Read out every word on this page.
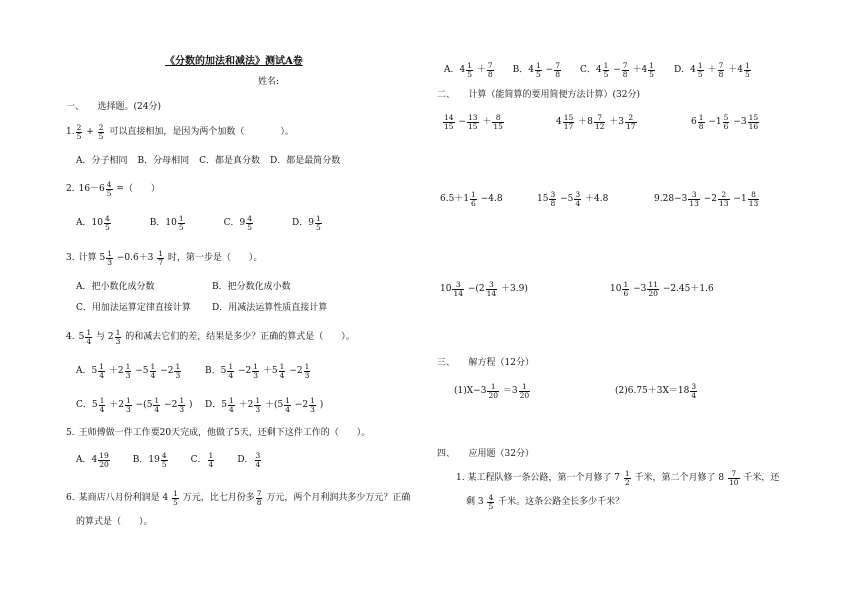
《分数的加法和减法》测试A卷
姓名:
一、　　选择题。(24分)
1. $\frac{2}{5} + \frac{2}{5}$ 可以直接相加，是因为两个加数（　　　　）。
A．分子相同 B．分母相同 C．都是真分数 D．都是最简分数
2. $16-6 \frac{4}{5}$ =（　　）
A．$10 \frac{4}{5}$	B．$10 \frac{1}{5}$	C．$9 \frac{4}{5}$	D．$9 \frac{1}{5}$
3. 计算 $5 \frac{1}{3} -0.6+3 \frac{1}{7}$ 时，第一步是（　　）。
A．把小数化成分数	B．把分数化成小数
C．用加法运算定律直接计算 D．用减法运算性质直接计算
4. $5 \frac{1}{4}$ 与 $2 \frac{1}{3}$ 的和减去它们的差，结果是多少？正确的算式是（　　）。
A．$5 \frac{1}{4} +2 \frac{1}{3} -5 \frac{1}{4} -2 \frac{1}{3}$	B．$5 \frac{1}{4} -2 \frac{1}{3} +5 \frac{1}{4} -2 \frac{1}{3}$
C．$5 \frac{1}{4} +2 \frac{1}{3} -(5 \frac{1}{4} -2 \frac{1}{3}$ ) D．$5 \frac{1}{4} +2 \frac{1}{3} +(5 \frac{1}{4} -2 \frac{1}{3}$ )
5. 王师傅做一件工作要20天完成，他做了5天，还剩下这件工作的（　　）。
A．$4 \frac{19}{20}$	B．$19 \frac{4}{5}$	C． $\frac{1}{4}$	D． $\frac{3}{4}$
6. 某商店八月份利润是 $4 \frac{1}{5}$ 万元，比七月份多 $\frac{7}{8}$ 万元，两个月利润共多少万元？正确
的算式是（　　）。
A．$4 \frac{1}{5} + \frac{7}{8}$ B．$4 \frac{1}{5} - \frac{7}{8}$ C．$4 \frac{1}{5} - \frac{7}{8} +4 \frac{1}{5}$ D．$4 \frac{1}{5} + \frac{7}{8} +4 \frac{1}{5}$
二、　　计算（能简算的要用简便方法计算）(32分)
$\frac{14}{15} - \frac{13}{15} + \frac{8}{15}$	$4 \frac{15}{17} +8 \frac{7}{12} +3 \frac{2}{17}$	$6 \frac{1}{8} -1 \frac{5}{6} -3 \frac{15}{16}$
$6.5+1 \frac{1}{6} -4.8$	$15 \frac{3}{8} -5 \frac{3}{4} +4.8$	$9.28-3 \frac{3}{13} -2 \frac{2}{13} -1 \frac{8}{13}$
$10 \frac{3}{14} -(2 \frac{3}{14} +3.9)$	$10 \frac{1}{6} -3 \frac{11}{20} -2.45+1.6$
三、　　解方程（12分）
$(1)X-3 \frac{1}{20} =3 \frac{1}{20}$	$(2)6.75+3X=18 \frac{3}{4}$
四、　　应用题（32分）
1. 某工程队修一条公路，第一个月修了 $7 \frac{1}{2}$ 千米，第二个月修了 $8 \frac{7}{10}$ 千米，还
剩 $3 \frac{4}{5}$ 千米。这条公路全长多少千米？
